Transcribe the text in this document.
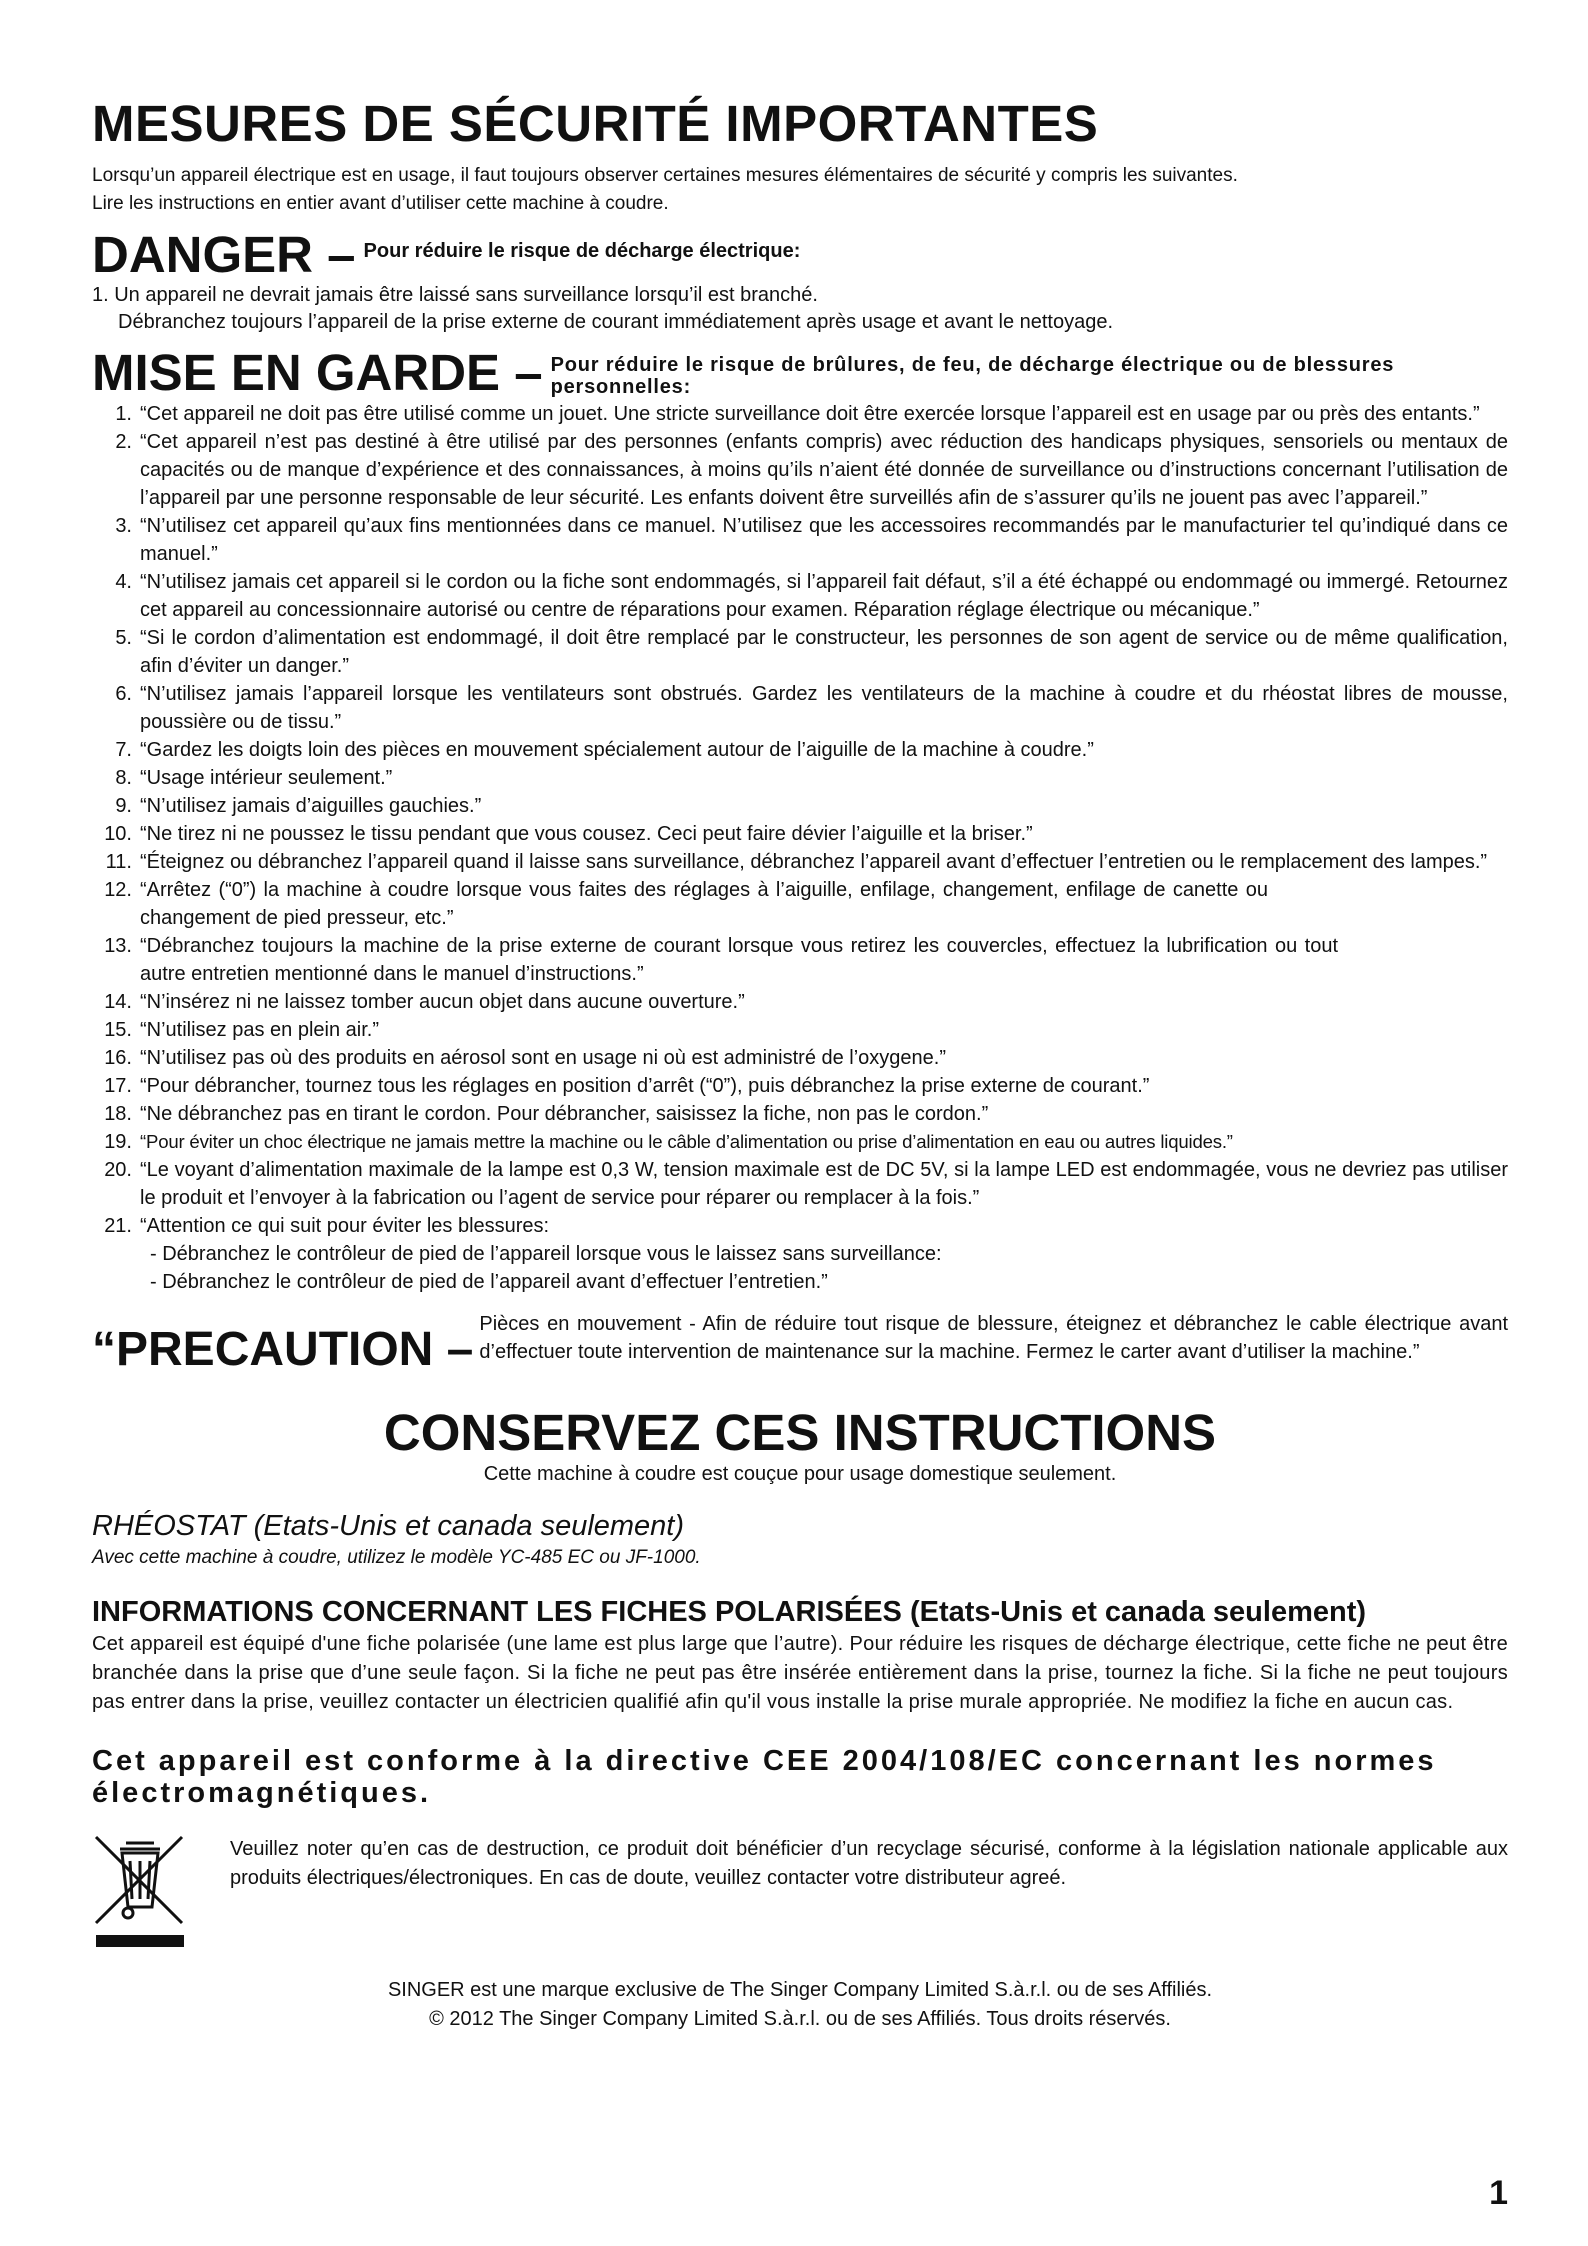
MESURES DE SÉCURITÉ IMPORTANTES
Lorsqu’un appareil électrique est en usage, il faut toujours observer certaines mesures élémentaires de sécurité y compris les suivantes.
Lire les instructions en entier avant d’utiliser cette machine à coudre.
DANGER – Pour réduire le risque de décharge électrique:
1. Un appareil ne devrait jamais être laissé sans surveillance lorsqu’il est branché.
Débranchez toujours l’appareil de la prise externe de courant immédiatement après usage et avant le nettoyage.
MISE EN GARDE – Pour réduire le risque de brûlures, de feu, de décharge électrique ou de blessures personnelles:
1. “Cet appareil ne doit pas être utilisé comme un jouet. Une stricte surveillance doit être exercée lorsque l’appareil est en usage par ou près des entants.”
2. “Cet appareil n’est pas destiné à être utilisé par des personnes (enfants compris) avec réduction des handicaps physiques, sensoriels ou mentaux de capacités ou de manque d’expérience et des connaissances, à moins qu’ils n’aient été donnée de surveillance ou d’instructions concernant l’utilisation de l’appareil par une personne responsable de leur sécurité. Les enfants doivent être surveillés afin de s’assurer qu’ils ne jouent pas avec l’appareil.”
3. “N’utilisez cet appareil qu’aux fins mentionnées dans ce manuel. N’utilisez que les accessoires recommandés par le manufacturier tel qu’indiqué dans ce manuel.”
4. “N’utilisez jamais cet appareil si le cordon ou la fiche sont endommagés, si l’appareil fait défaut, s’il a été échappé ou endommagé ou immergé. Retournez cet appareil au concessionnaire autorisé ou centre de réparations pour examen. Réparation réglage électrique ou mécanique.”
5. “Si le cordon d’alimentation est endommagé, il doit être remplacé par le constructeur, les personnes de son agent de service ou de même qualification, afin d’éviter un danger.”
6. “N’utilisez jamais l’appareil lorsque les ventilateurs sont obstrués. Gardez les ventilateurs de la machine à coudre et du rhéostat libres de mousse, poussière ou de tissu.”
7. “Gardez les doigts loin des pièces en mouvement spécialement autour de l’aiguille de la machine à coudre.”
8. “Usage intérieur seulement.”
9. “N’utilisez jamais d’aiguilles gauchies.”
10. “Ne tirez ni ne poussez le tissu pendant que vous cousez. Ceci peut faire dévier l’aiguille et la briser.”
11. “Éteignez ou débranchez l’appareil quand il laisse sans surveillance, débranchez l’appareil avant d’effectuer l’entretien ou le remplacement des lampes.”
12. “Arrêtez (“0”) la machine à coudre lorsque vous faites des réglages à l’aiguille, enfilage, changement, enfilage de canette ou changement de pied presseur, etc.”
13. “Débranchez toujours la machine de la prise externe de courant lorsque vous retirez les couvercles, effectuez la lubrification ou tout autre entretien mentionné dans le manuel d’instructions.”
14. “N’insérez ni ne laissez tomber aucun objet dans aucune ouverture.”
15. “N’utilisez pas en plein air.”
16. “N’utilisez pas où des produits en aérosol sont en usage ni où est administré de l’oxygene.”
17. “Pour débrancher, tournez tous les réglages en position d’arrêt (“0”), puis débranchez la prise externe de courant.”
18. “Ne débranchez pas en tirant le cordon. Pour débrancher, saisissez la fiche, non pas le cordon.”
19. “Pour éviter un choc électrique ne jamais mettre la machine ou le câble d’alimentation ou prise d’alimentation en eau ou autres liquides.”
20. “Le voyant d’alimentation maximale de la lampe est 0,3 W, tension maximale est de DC 5V, si la lampe LED est endommagée, vous ne devriez pas utiliser le produit et l’envoyer à la fabrication ou l’agent de service pour réparer ou remplacer à la fois.”
21. “Attention ce qui suit pour éviter les blessures:
- Débranchez le contrôleur de pied de l’appareil lorsque vous le laissez sans surveillance:
- Débranchez le contrôleur de pied de l’appareil avant d’effectuer l’entretien.”
“PRECAUTION – Pièces en mouvement - Afin de réduire tout risque de blessure, éteignez et débranchez le cable électrique avant d’effectuer toute intervention de maintenance sur la machine. Fermez le carter avant d’utiliser la machine.”
CONSERVEZ CES INSTRUCTIONS
Cette machine à coudre est couçue pour usage domestique seulement.
RHÉOSTAT (Etats-Unis et canada seulement)
Avec cette machine à coudre, utilizez le modèle YC-485 EC ou JF-1000.
INFORMATIONS CONCERNANT LES FICHES POLARISÉES (Etats-Unis et canada seulement)
Cet appareil est équipé d'une fiche polarisée (une lame est plus large que l’autre). Pour réduire les risques de décharge électrique, cette fiche ne peut être branchée dans la prise que d’une seule façon. Si la fiche ne peut pas être insérée entièrement dans la prise, tournez la fiche. Si la fiche ne peut toujours pas entrer dans la prise, veuillez contacter un électricien qualifié afin qu'il vous installe la prise murale appropriée. Ne modifiez la fiche en aucun cas.
Cet appareil est conforme à la directive CEE 2004/108/EC concernant les normes électromagnétiques.
Veuillez noter qu’en cas de destruction, ce produit doit bénéficier d’un recyclage sécurisé, conforme à la législation nationale applicable aux produits électriques/électroniques. En cas de doute, veuillez contacter votre distributeur agreé.
SINGER est une marque exclusive de The Singer Company Limited S.à.r.l. ou de ses Affiliés.
© 2012 The Singer Company Limited S.à.r.l. ou de ses Affiliés. Tous droits réservés.
1
